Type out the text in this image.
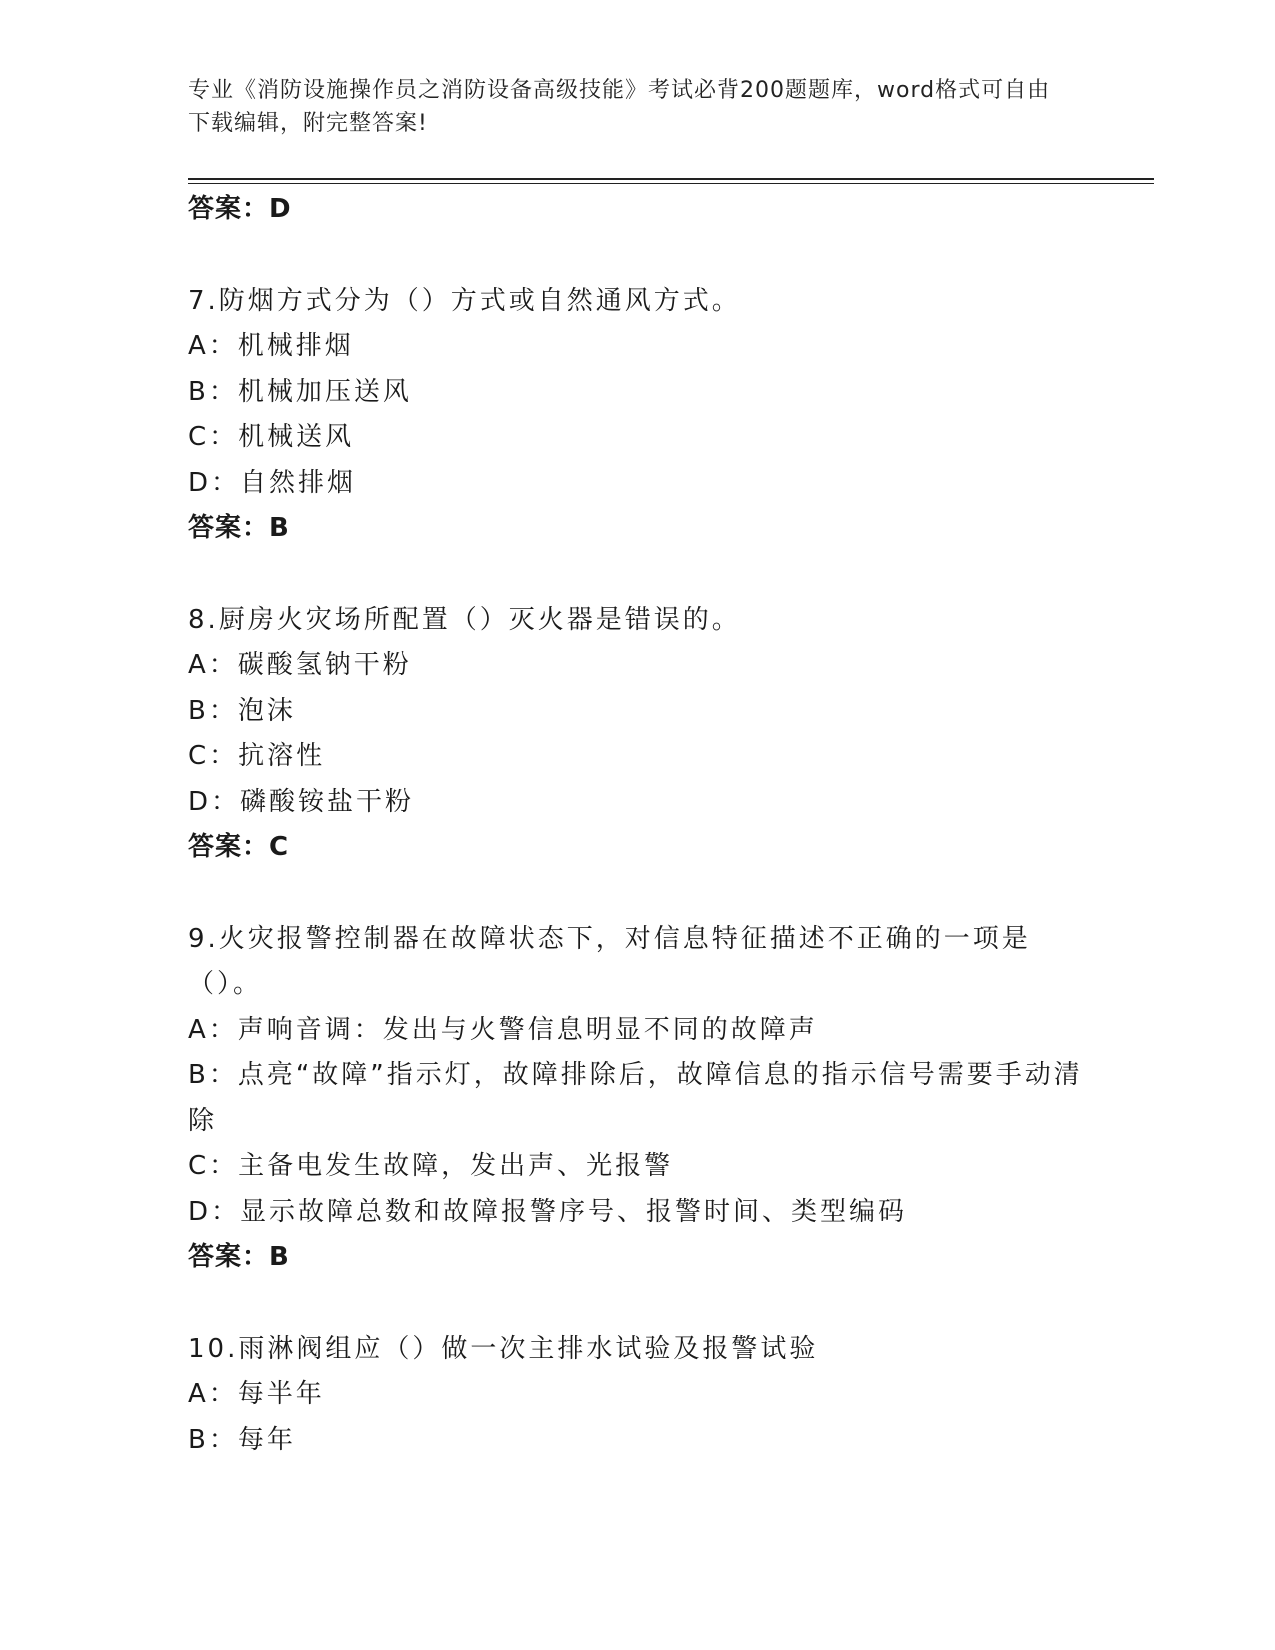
专业《消防设施操作员之消防设备高级技能》考试必背200题题库，word格式可自由下载编辑，附完整答案!
答案：D
7.防烟方式分为（）方式或自然通风方式。
A：机械排烟
B：机械加压送风
C：机械送风
D：自然排烟
答案：B
8.厨房火灾场所配置（）灭火器是错误的。
A：碳酸氢钠干粉
B：泡沫
C：抗溶性
D：磷酸铵盐干粉
答案：C
9.火灾报警控制器在故障状态下，对信息特征描述不正确的一项是（）。
A：声响音调：发出与火警信息明显不同的故障声
B：点亮“故障”指示灯，故障排除后，故障信息的指示信号需要手动清除
C：主备电发生故障，发出声、光报警
D：显示故障总数和故障报警序号、报警时间、类型编码
答案：B
10.雨淋阀组应（）做一次主排水试验及报警试验
A：每半年
B：每年
